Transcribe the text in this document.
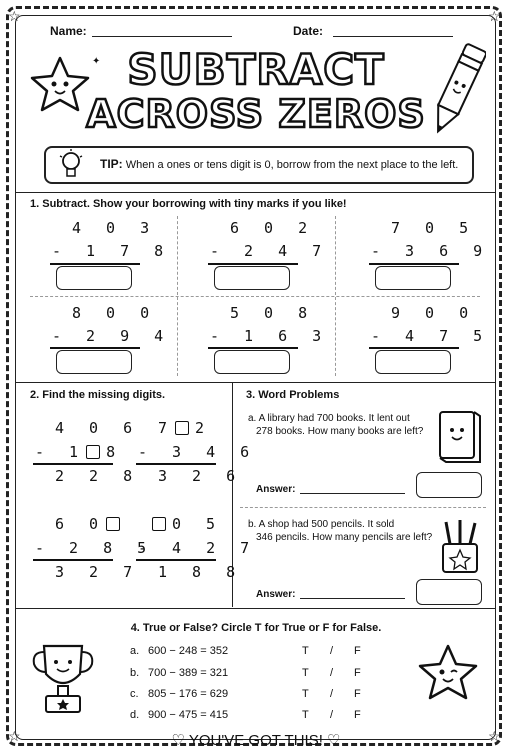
☆	☆
☆	☆
Name:	Date:
SUBTRACT
ACROSS ZEROS
✦
TIP: When a ones or tens digit is 0, borrow from the next place to the left.
1. Subtract. Show your borrowing with tiny marks if you like!
4 0 3
- 1 7 8
6 0 2
- 2 4 7
7 0 5
- 3 6 9
8 0 0
- 2 9 4
5 0 8
- 1 6 3
9 0 0
- 4 7 5
2. Find the missing digits.
4 0 6
- 1 8
2 2 8
7 2
- 3 4 6
3 2 6
6 0
- 2 8 5
3 2 7
0 5
- 4 2 7
1 8 8
3. Word Problems
a. A library had 700 books. It lent out
278 books. How many books are left?
Answer:
b. A shop had 500 pencils. It sold
346 pencils. How many pencils are left?
Answer:
4. True or False? Circle T for True or F for False.
a. 600 − 248 = 352	T / F
b. 700 − 389 = 321	T / F
c. 805 − 176 = 629	T / F
d. 900 − 475 = 415	T / F
♡ YOU'VE GOT THIS! ♡
